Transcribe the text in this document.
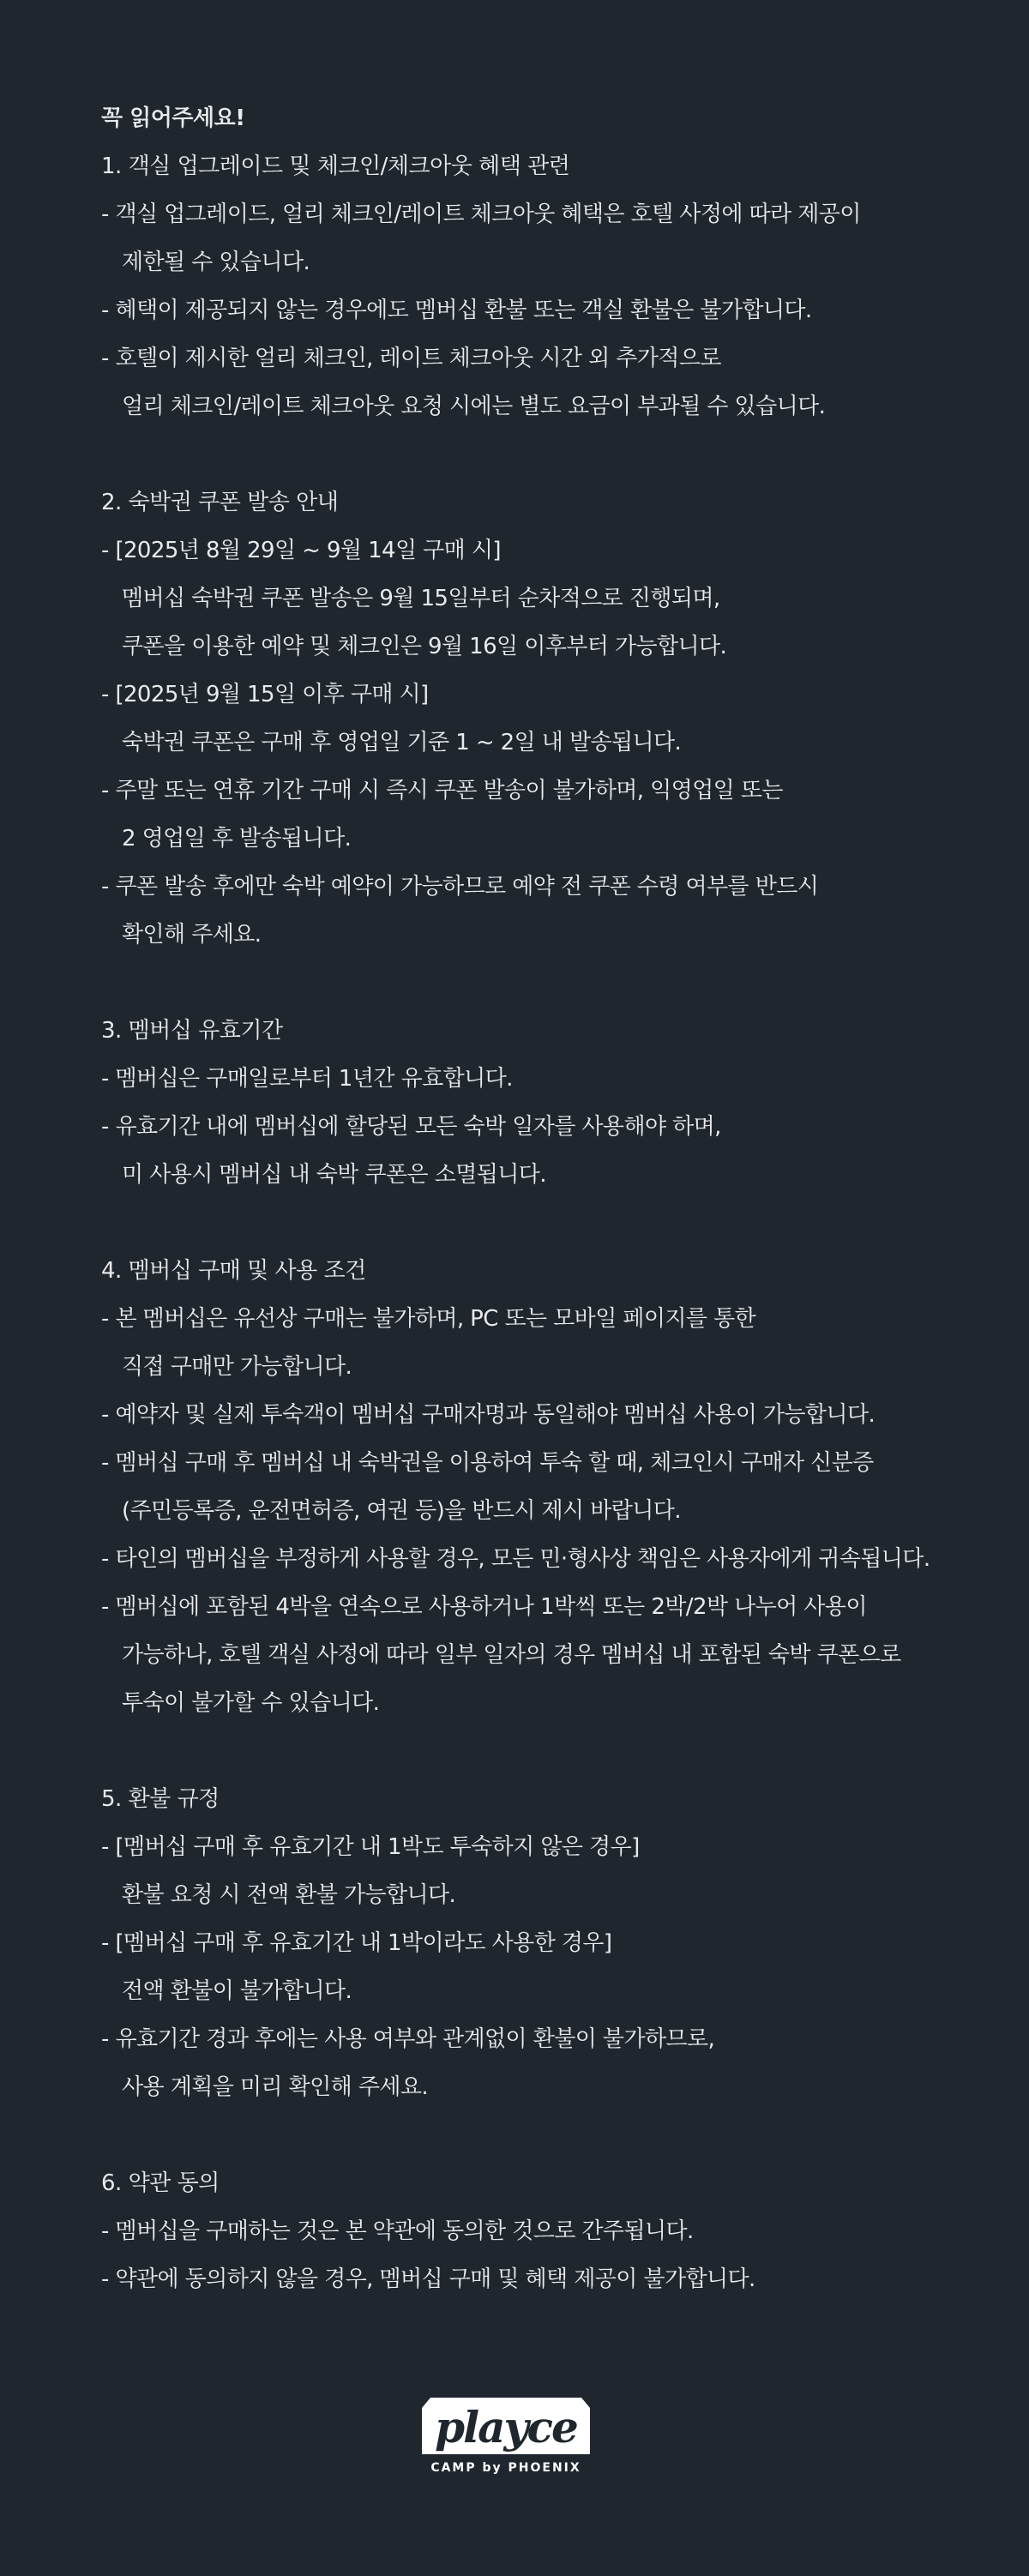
꼭 읽어주세요!
1. 객실 업그레이드 및 체크인/체크아웃 혜택 관련
- 객실 업그레이드, 얼리 체크인/레이트 체크아웃 혜택은 호텔 사정에 따라 제공이
제한될 수 있습니다.
- 혜택이 제공되지 않는 경우에도 멤버십 환불 또는 객실 환불은 불가합니다.
- 호텔이 제시한 얼리 체크인, 레이트 체크아웃 시간 외 추가적으로
얼리 체크인/레이트 체크아웃 요청 시에는 별도 요금이 부과될 수 있습니다.
2. 숙박권 쿠폰 발송 안내
- [2025년 8월 29일 ~ 9월 14일 구매 시]
멤버십 숙박권 쿠폰 발송은 9월 15일부터 순차적으로 진행되며,
쿠폰을 이용한 예약 및 체크인은 9월 16일 이후부터 가능합니다.
- [2025년 9월 15일 이후 구매 시]
숙박권 쿠폰은 구매 후 영업일 기준 1 ~ 2일 내 발송됩니다.
- 주말 또는 연휴 기간 구매 시 즉시 쿠폰 발송이 불가하며, 익영업일 또는
2 영업일 후 발송됩니다.
- 쿠폰 발송 후에만 숙박 예약이 가능하므로 예약 전 쿠폰 수령 여부를 반드시
확인해 주세요.
3. 멤버십 유효기간
- 멤버십은 구매일로부터 1년간 유효합니다.
- 유효기간 내에 멤버십에 할당된 모든 숙박 일자를 사용해야 하며,
미 사용시 멤버십 내 숙박 쿠폰은 소멸됩니다.
4. 멤버십 구매 및 사용 조건
- 본 멤버십은 유선상 구매는 불가하며, PC 또는 모바일 페이지를 통한
직접 구매만 가능합니다.
- 예약자 및 실제 투숙객이 멤버십 구매자명과 동일해야 멤버십 사용이 가능합니다.
- 멤버십 구매 후 멤버십 내 숙박권을 이용하여 투숙 할 때, 체크인시 구매자 신분증
(주민등록증, 운전면허증, 여권 등)을 반드시 제시 바랍니다.
- 타인의 멤버십을 부정하게 사용할 경우, 모든 민·형사상 책임은 사용자에게 귀속됩니다.
- 멤버십에 포함된 4박을 연속으로 사용하거나 1박씩 또는 2박/2박 나누어 사용이
가능하나, 호텔 객실 사정에 따라 일부 일자의 경우 멤버십 내 포함된 숙박 쿠폰으로
투숙이 불가할 수 있습니다.
5. 환불 규정
- [멤버십 구매 후 유효기간 내 1박도 투숙하지 않은 경우]
환불 요청 시 전액 환불 가능합니다.
- [멤버십 구매 후 유효기간 내 1박이라도 사용한 경우]
전액 환불이 불가합니다.
- 유효기간 경과 후에는 사용 여부와 관계없이 환불이 불가하므로,
사용 계획을 미리 확인해 주세요.
6. 약관 동의
- 멤버십을 구매하는 것은 본 약관에 동의한 것으로 간주됩니다.
- 약관에 동의하지 않을 경우, 멤버십 구매 및 혜택 제공이 불가합니다.
playce
CAMP by PHOENIX
